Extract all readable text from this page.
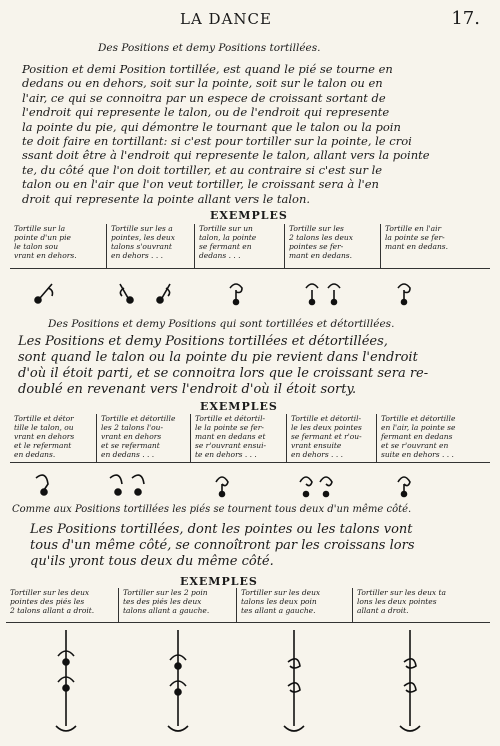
LA DANCE	17.
Des Positions et demy Positions tortillées.

Position et demi Position tortillée, est quand le pié se tourne en

dedans ou en dehors, soit sur la pointe, soit sur le talon ou en

l'air, ce qui se connoitra par un espece de croissant sortant de

l'endroit qui represente le talon, ou de l'endroit qui represente

la pointe du pie, qui démontre le tournant que le talon ou la poin

te doit faire en tortillant: si c'est pour tortiller sur la pointe, le croi

ssant doit être à l'endroit qui represente le talon, allant vers la pointe

te, du côté que l'on doit tortiller, et au contraire si c'est sur le

talon ou en l'air que l'on veut tortiller, le croissant sera à l'en

droit qui represente la pointe allant vers le talon.

EXEMPLES
Tortille sur la
pointe d'un pie
le talon sou
vrant en dehors.
Tortille sur les a
pointes, les deux
talons s'ouvrant
en dehors . . .
Tortille sur un
talon, la pointe
se fermant en
dedans . . .
Tortille sur les
2 talons les deux
pointes se fer-
mant en dedans.
Tortille en l'air
la pointe se fer-
mant en dedans.
Des Positions et demy Positions qui sont tortillées et détortillées.

Les Positions et demy Positions tortillées et détortillées,

sont quand le talon ou la pointe du pie revient dans l'endroit

d'où il étoit parti, et se connoitra lors que le croissant sera re-

doublé en revenant vers l'endroit d'où il étoit sorty.

EXEMPLES
Tortille et détor
tille le talon, ou
vrant en dehors
et le refermant
en dedans.
Tortille et détortille
les 2 talons l'ou-
vrant en dehors
et se refermant
en dedans . . .
Tortille et détortil-
le la pointe se fer-
mant en dedans et
se r'ouvrant ensui-
te en dehors . . .
Tortille et détortil-
le les deux pointes
se fermant et r'ou-
vrant ensuite
en dehors . . .
Tortille et détortille
en l'air, la pointe se
fermant en dedans
et se r'ouvrant en
suite en dehors . . .
Comme aux Positions tortillées les piés se tournent tous deux d'un même côté.

Les Positions tortillées, dont les pointes ou les talons vont

tous d'un même côté, se connoîtront par les croissans lors

qu'ils yront tous deux du même côté.

EXEMPLES
Tortiller sur les deux
pointes des piés les
2 talons allant a droit.
Tortiller sur les 2 poin
tes des piés les deux
talons allant a gauche.
Tortiller sur les deux
talons les deux poin
tes allant a gauche.
Tortiller sur les deux ta
lons les deux pointes
allant a droit.
